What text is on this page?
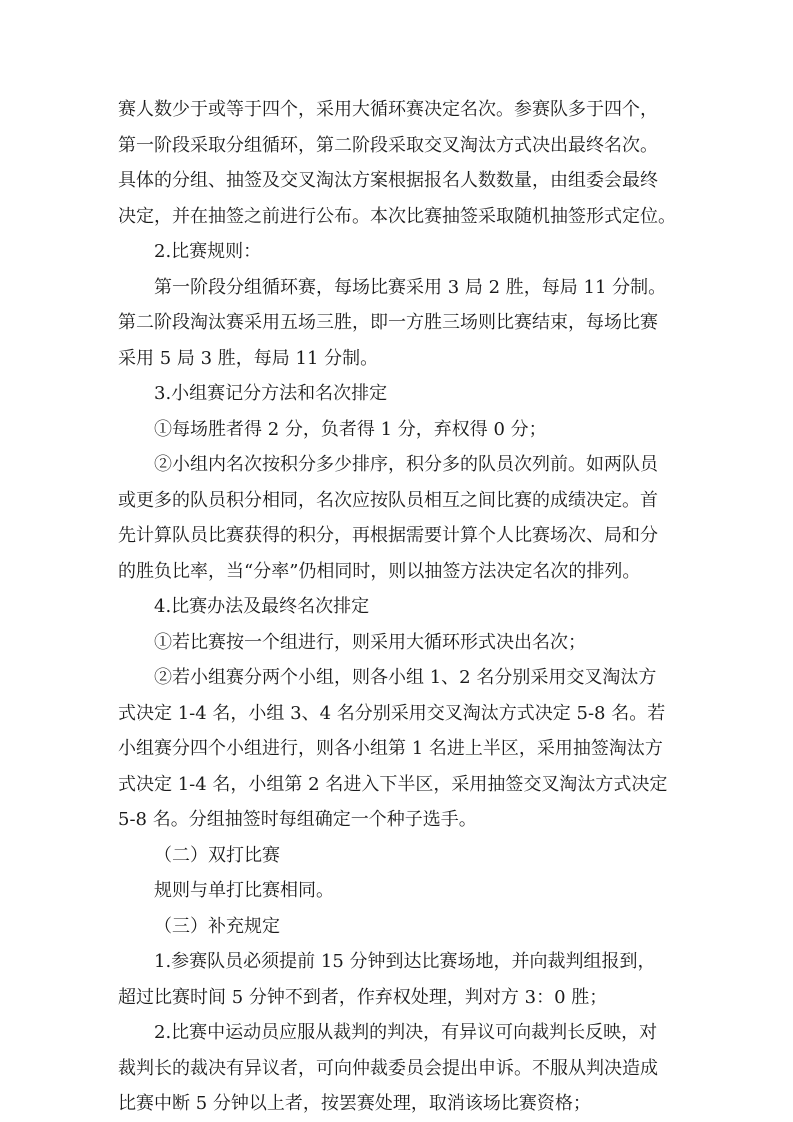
赛人数少于或等于四个，采用大循环赛决定名次。参赛队多于四个，
第一阶段采取分组循环，第二阶段采取交叉淘汰方式决出最终名次。
具体的分组、抽签及交叉淘汰方案根据报名人数数量，由组委会最终
决定，并在抽签之前进行公布。本次比赛抽签采取随机抽签形式定位。
2.比赛规则：
第一阶段分组循环赛，每场比赛采用 3 局 2 胜，每局 11 分制。
第二阶段淘汰赛采用五场三胜，即一方胜三场则比赛结束，每场比赛
采用 5 局 3 胜，每局 11 分制。
3.小组赛记分方法和名次排定
①每场胜者得 2 分，负者得 1 分，弃权得 0 分；
②小组内名次按积分多少排序，积分多的队员次列前。如两队员
或更多的队员积分相同，名次应按队员相互之间比赛的成绩决定。首
先计算队员比赛获得的积分，再根据需要计算个人比赛场次、局和分
的胜负比率，当“分率”仍相同时，则以抽签方法决定名次的排列。
4.比赛办法及最终名次排定
①若比赛按一个组进行，则采用大循环形式决出名次；
②若小组赛分两个小组，则各小组 1、2 名分别采用交叉淘汰方
式决定 1-4 名，小组 3、4 名分别采用交叉淘汰方式决定 5-8 名。若
小组赛分四个小组进行，则各小组第 1 名进上半区，采用抽签淘汰方
式决定 1-4 名，小组第 2 名进入下半区，采用抽签交叉淘汰方式决定
5-8 名。分组抽签时每组确定一个种子选手。
（二）双打比赛
规则与单打比赛相同。
（三）补充规定
1.参赛队员必须提前 15 分钟到达比赛场地，并向裁判组报到，
超过比赛时间 5 分钟不到者，作弃权处理，判对方 3：0 胜；
2.比赛中运动员应服从裁判的判决，有异议可向裁判长反映，对
裁判长的裁决有异议者，可向仲裁委员会提出申诉。不服从判决造成
比赛中断 5 分钟以上者，按罢赛处理，取消该场比赛资格；
